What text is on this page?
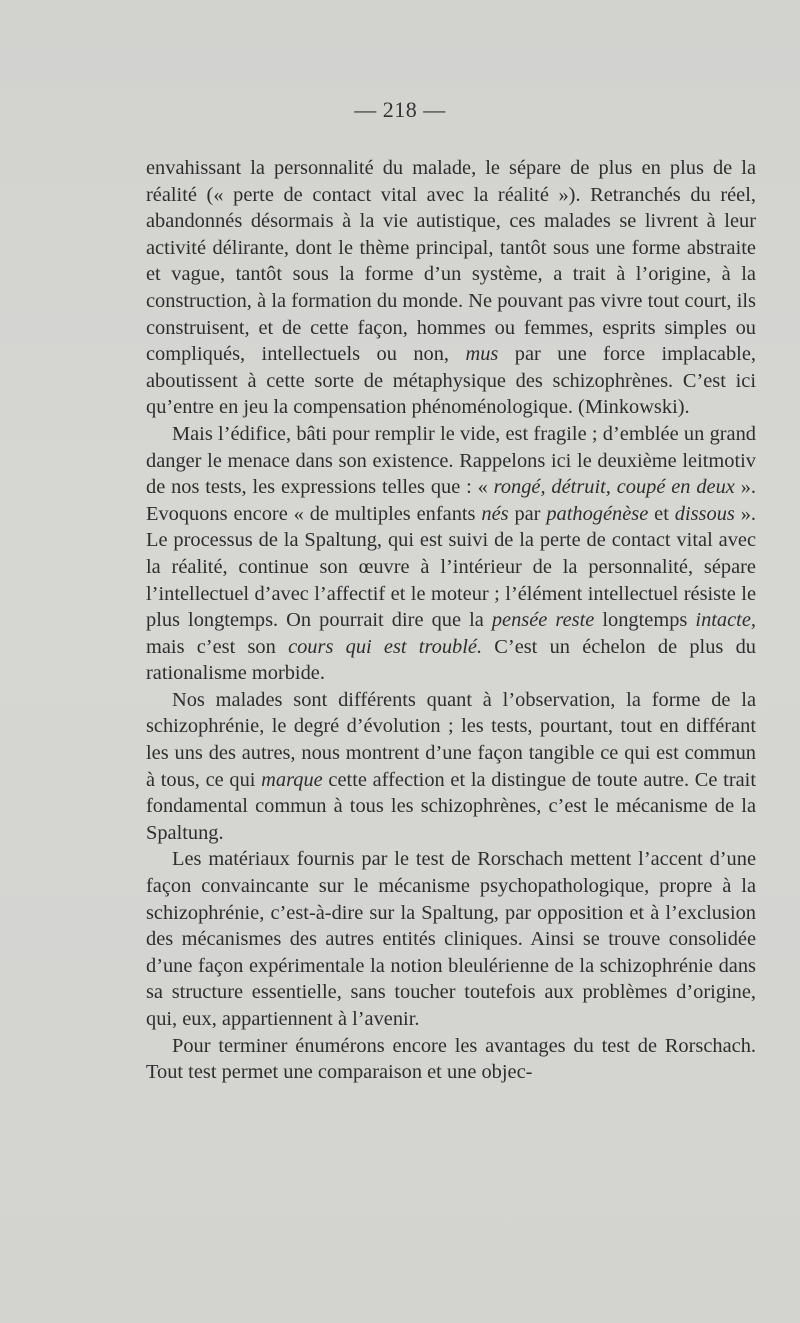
— 218 —

envahissant la personnalité du malade, le sépare de plus en plus de la réalité (« perte de contact vital avec la réalité »). Retranchés du réel, abandonnés désormais à la vie autistique, ces malades se livrent à leur activité délirante, dont le thème principal, tantôt sous une forme abstraite et vague, tantôt sous la forme d’un système, a trait à l’origine, à la construction, à la formation du monde. Ne pouvant pas vivre tout court, ils construisent, et de cette façon, hommes ou femmes, esprits simples ou compliqués, intellectuels ou non, mus par une force implacable, aboutissent à cette sorte de métaphysique des schizophrènes. C’est ici qu’entre en jeu la compensation phénoménologique. (Minkowski).

Mais l’édifice, bâti pour remplir le vide, est fragile ; d’emblée un grand danger le menace dans son existence. Rappelons ici le deuxième leitmotiv de nos tests, les expressions telles que : « rongé, détruit, coupé en deux ». Evoquons encore « de multiples enfants nés par pathogénèse et dissous ». Le processus de la Spaltung, qui est suivi de la perte de contact vital avec la réalité, continue son œuvre à l’intérieur de la personnalité, sépare l’intellectuel d’avec l’affectif et le moteur ; l’élément intellectuel résiste le plus longtemps. On pourrait dire que la pensée reste longtemps intacte, mais c’est son cours qui est troublé. C’est un échelon de plus du rationalisme morbide.

Nos malades sont différents quant à l’observation, la forme de la schizophrénie, le degré d’évolution ; les tests, pourtant, tout en différant les uns des autres, nous montrent d’une façon tangible ce qui est commun à tous, ce qui marque cette affection et la distingue de toute autre. Ce trait fondamental commun à tous les schizophrènes, c’est le mécanisme de la Spaltung.

Les matériaux fournis par le test de Rorschach mettent l’accent d’une façon convaincante sur le mécanisme psychopathologique, propre à la schizophrénie, c’est-à-dire sur la Spaltung, par opposition et à l’exclusion des mécanismes des autres entités cliniques. Ainsi se trouve consolidée d’une façon expérimentale la notion bleulérienne de la schizophrénie dans sa structure essentielle, sans toucher toutefois aux problèmes d’origine, qui, eux, appartiennent à l’avenir.

Pour terminer énumérons encore les avantages du test de Rorschach. Tout test permet une comparaison et une objec-
